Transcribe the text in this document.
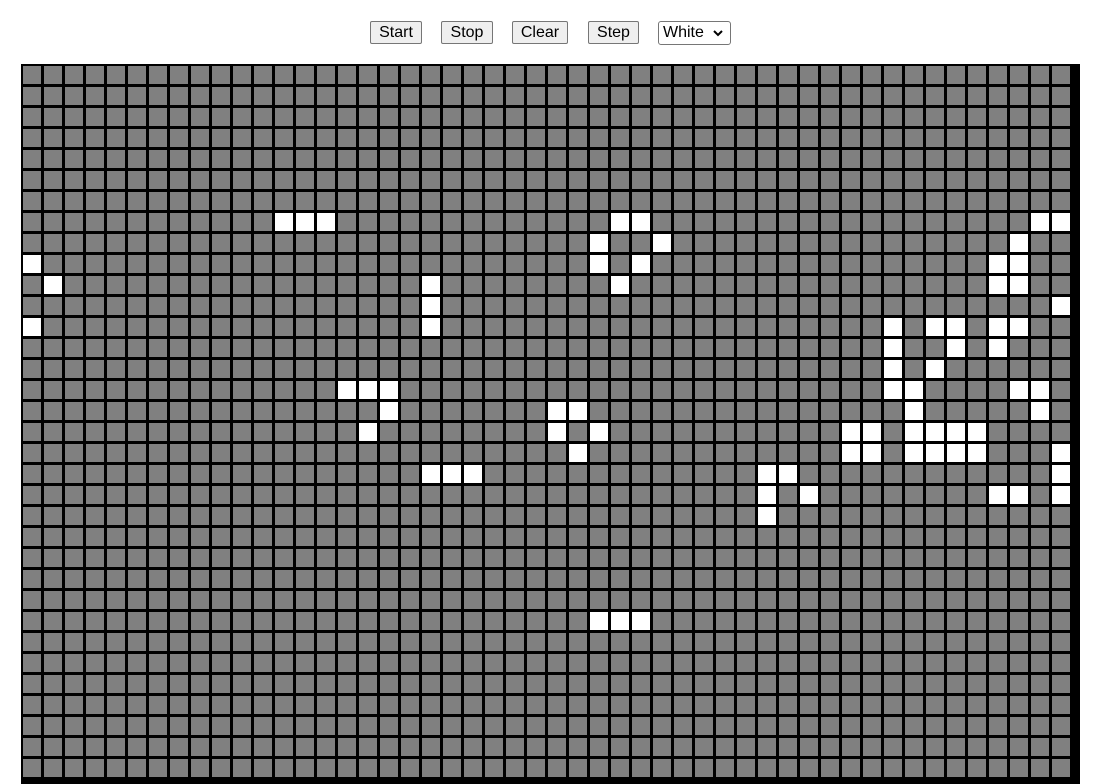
Start	Stop	Clear	Step	White
